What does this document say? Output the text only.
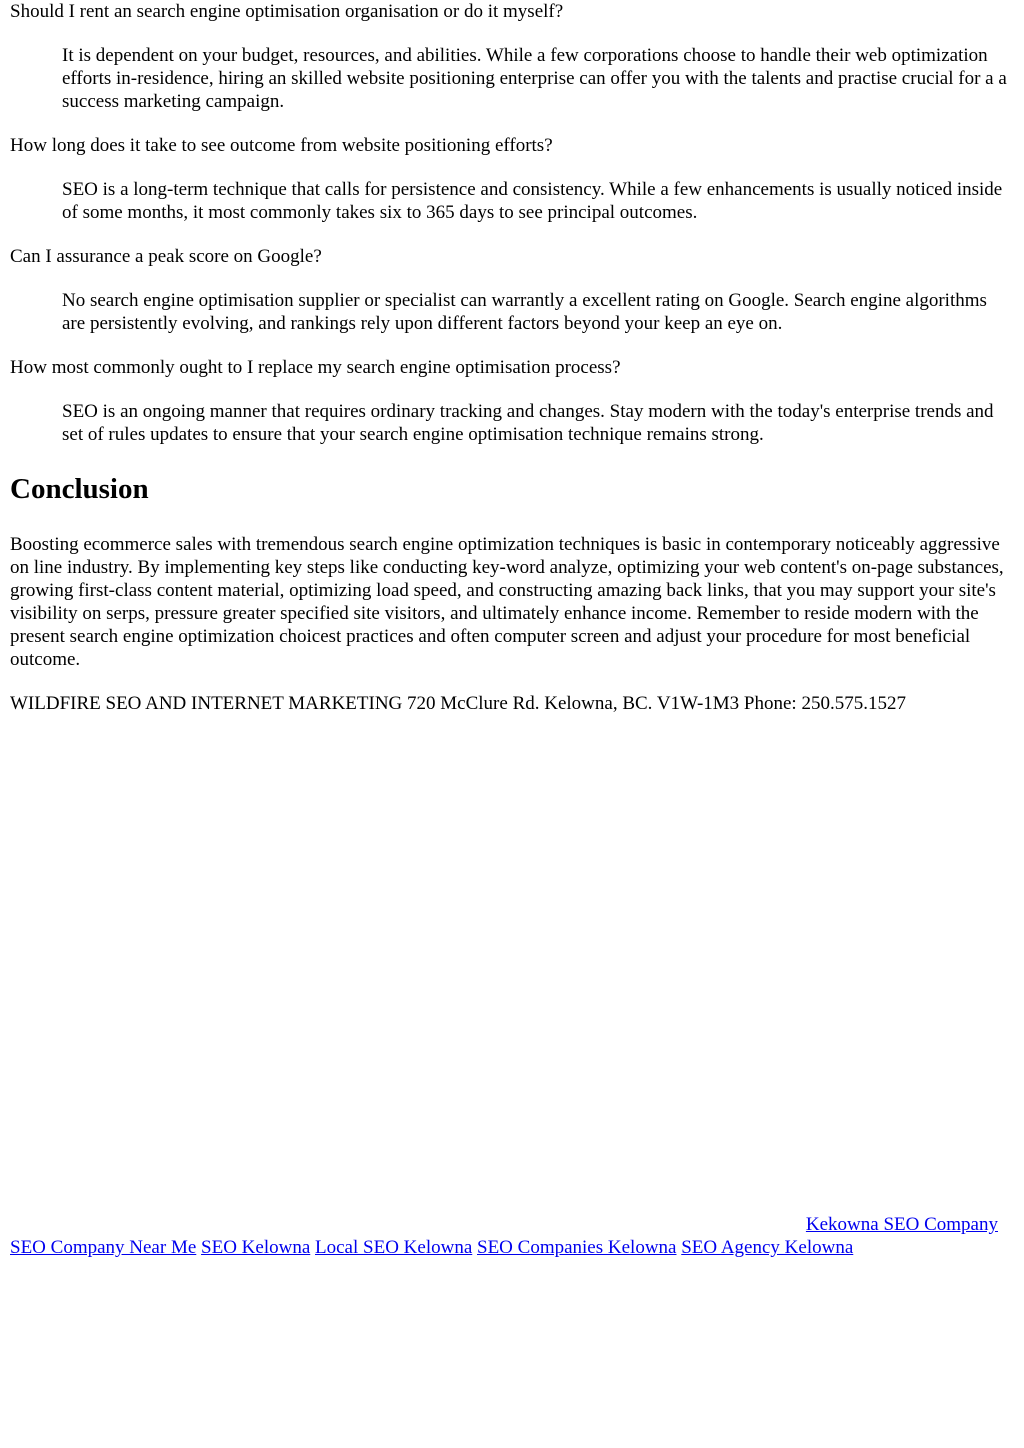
Should I rent an search engine optimisation organisation or do it myself?

It is dependent on your budget, resources, and abilities. While a few corporations choose to handle their web optimization efforts in-residence, hiring an skilled website positioning enterprise can offer you with the talents and practise crucial for a a success marketing campaign.

How long does it take to see outcome from website positioning efforts?

SEO is a long-term technique that calls for persistence and consistency. While a few enhancements is usually noticed inside of some months, it most commonly takes six to 365 days to see principal outcomes.

Can I assurance a peak score on Google?

No search engine optimisation supplier or specialist can warrantly a excellent rating on Google. Search engine algorithms are persistently evolving, and rankings rely upon different factors beyond your keep an eye on.

How most commonly ought to I replace my search engine optimisation process?

SEO is an ongoing manner that requires ordinary tracking and changes. Stay modern with the today's enterprise trends and set of rules updates to ensure that your search engine optimisation technique remains strong.

Conclusion

Boosting ecommerce sales with tremendous search engine optimization techniques is basic in contemporary noticeably aggressive on line industry. By implementing key steps like conducting key-word analyze, optimizing your web content's on-page substances, growing first-class content material, optimizing load speed, and constructing amazing back links, that you may support your site's visibility on serps, pressure greater specified site visitors, and ultimately enhance income. Remember to reside modern with the present search engine optimization choicest practices and often computer screen and adjust your procedure for most beneficial outcome.

WILDFIRE SEO AND INTERNET MARKETING 720 McClure Rd. Kelowna, BC. V1W-1M3 Phone: 250.575.1527

Kekowna SEO Company
SEO Company Near Me SEO Kelowna Local SEO Kelowna SEO Companies Kelowna SEO Agency Kelowna
